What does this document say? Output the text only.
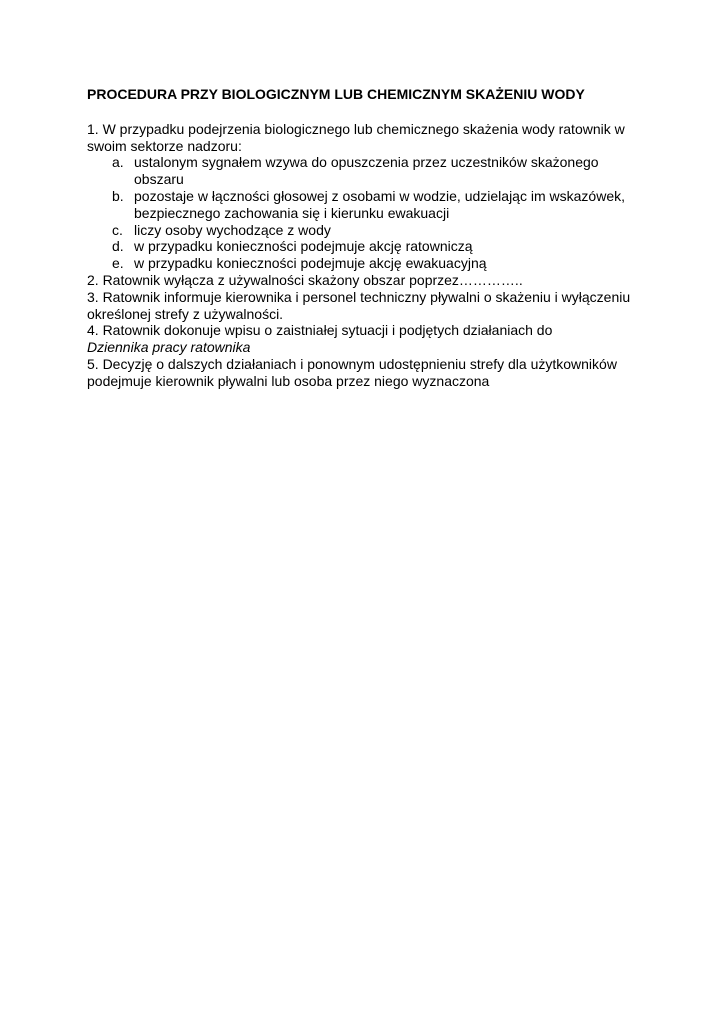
PROCEDURA PRZY BIOLOGICZNYM LUB CHEMICZNYM SKAŻENIU WODY

1. W przypadku podejrzenia biologicznego lub chemicznego skażenia wody ratownik w swoim sektorze nadzoru:

a. ustalonym sygnałem wzywa do opuszczenia przez uczestników skażonego obszaru
b. pozostaje w łączności głosowej z osobami w wodzie, udzielając im wskazówek, bezpiecznego zachowania się i kierunku ewakuacji
c. liczy osoby wychodzące z wody
d. w przypadku konieczności podejmuje akcję ratowniczą
e. w przypadku konieczności podejmuje akcję ewakuacyjną

2. Ratownik wyłącza z używalności skażony obszar poprzez…………..

3. Ratownik informuje kierownika i personel techniczny pływalni o skażeniu i wyłączeniu określonej strefy z używalności.

4. Ratownik dokonuje wpisu o zaistniałej sytuacji i podjętych działaniach do
Dziennika pracy ratownika

5. Decyzję o dalszych działaniach i ponownym udostępnieniu strefy dla użytkowników podejmuje kierownik pływalni lub osoba przez niego wyznaczona
